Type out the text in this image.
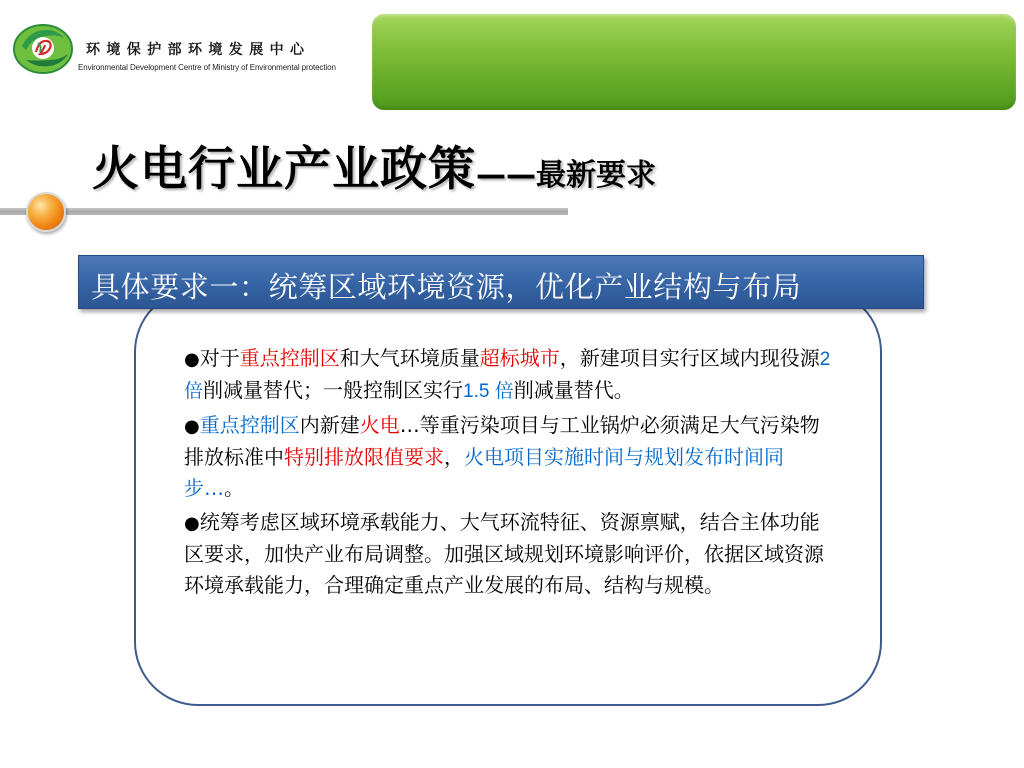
环境保护部环境发展中心
Environmental Development Centre of Ministry of Environmental protection
火电行业产业政策——最新要求
具体要求一：统筹区域环境资源，优化产业结构与布局

●对于重点控制区和大气环境质量超标城市，新建项目实行区域内现役源2 倍削减量替代；一般控制区实行1.5 倍削减量替代。

●重点控制区内新建火电…等重污染项目与工业锅炉必须满足大气污染物排放标准中特别排放限值要求，火电项目实施时间与规划发布时间同步…。

●统筹考虑区域环境承载能力、大气环流特征、资源禀赋，结合主体功能区要求，加快产业布局调整。加强区域规划环境影响评价，依据区域资源环境承载能力，合理确定重点产业发展的布局、结构与规模。
